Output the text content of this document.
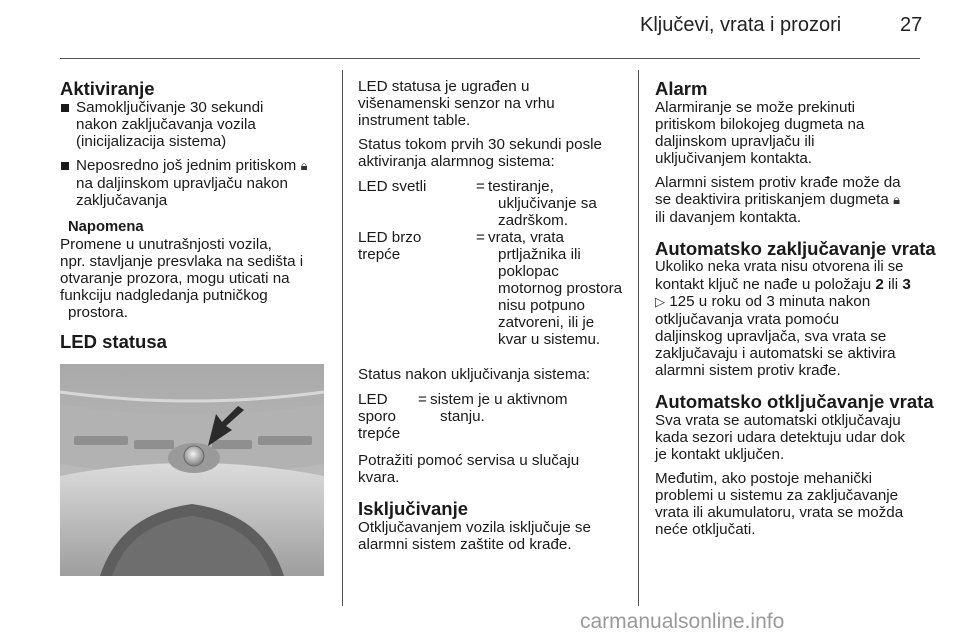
Ključevi, vrata i prozori	27

Aktiviranje

Samoključivanje 30 sekundi

nakon zaključavanja vozila

(inicijalizacija sistema)

Neposredno još jednim pritiskom 🔒︎

na daljinskom upravljaču nakon

zaključavanja

Napomena

Promene u unutrašnjosti vozila,

npr. stavljanje presvlaka na sedišta i

otvaranje prozora, mogu uticati na

funkciju nadgledanja putničkog

prostora.

LED statusa

LED statusa je ugrađen u

višenamenski senzor na vrhu

instrument table.

Status tokom prvih 30 sekundi posle

aktiviranja alarmnog sistema:

LED svetli	= testiranje,

uključivanje sa

zadrškom.

LED brzo

trepće

= vrata, vrata

prtljažnika ili

poklopac

motornog prostora

nisu potpuno

zatvoreni, ili je

kvar u sistemu.

Status nakon uključivanja sistema:

LED

sporo

trepće

= sistem je u aktivnom

stanju.

Potražiti pomoć servisa u slučaju

kvara.

Isključivanje

Otključavanjem vozila isključuje se

alarmni sistem zaštite od krađe.

Alarm

Alarmiranje se može prekinuti

pritiskom bilokojeg dugmeta na

daljinskom upravljaču ili

uključivanjem kontakta.

Alarmni sistem protiv krađe može da

se deaktivira pritiskanjem dugmeta 🔒︎

ili davanjem kontakta.

Automatsko zaključavanje vrata

Ukoliko neka vrata nisu otvorena ili se

kontakt ključ ne nađe u položaju 2 ili 3

▷ 125 u roku od 3 minuta nakon

otključavanja vrata pomoću

daljinskog upravljača, sva vrata se

zaključavaju i automatski se aktivira

alarmni sistem protiv krađe.

Automatsko otključavanje vrata

Sva vrata se automatski otključavaju

kada sezori udara detektuju udar dok

je kontakt uključen.

Međutim, ako postoje mehanički

problemi u sistemu za zaključavanje

vrata ili akumulatoru, vrata se možda

neće otključati.

carmanualsonline.info
